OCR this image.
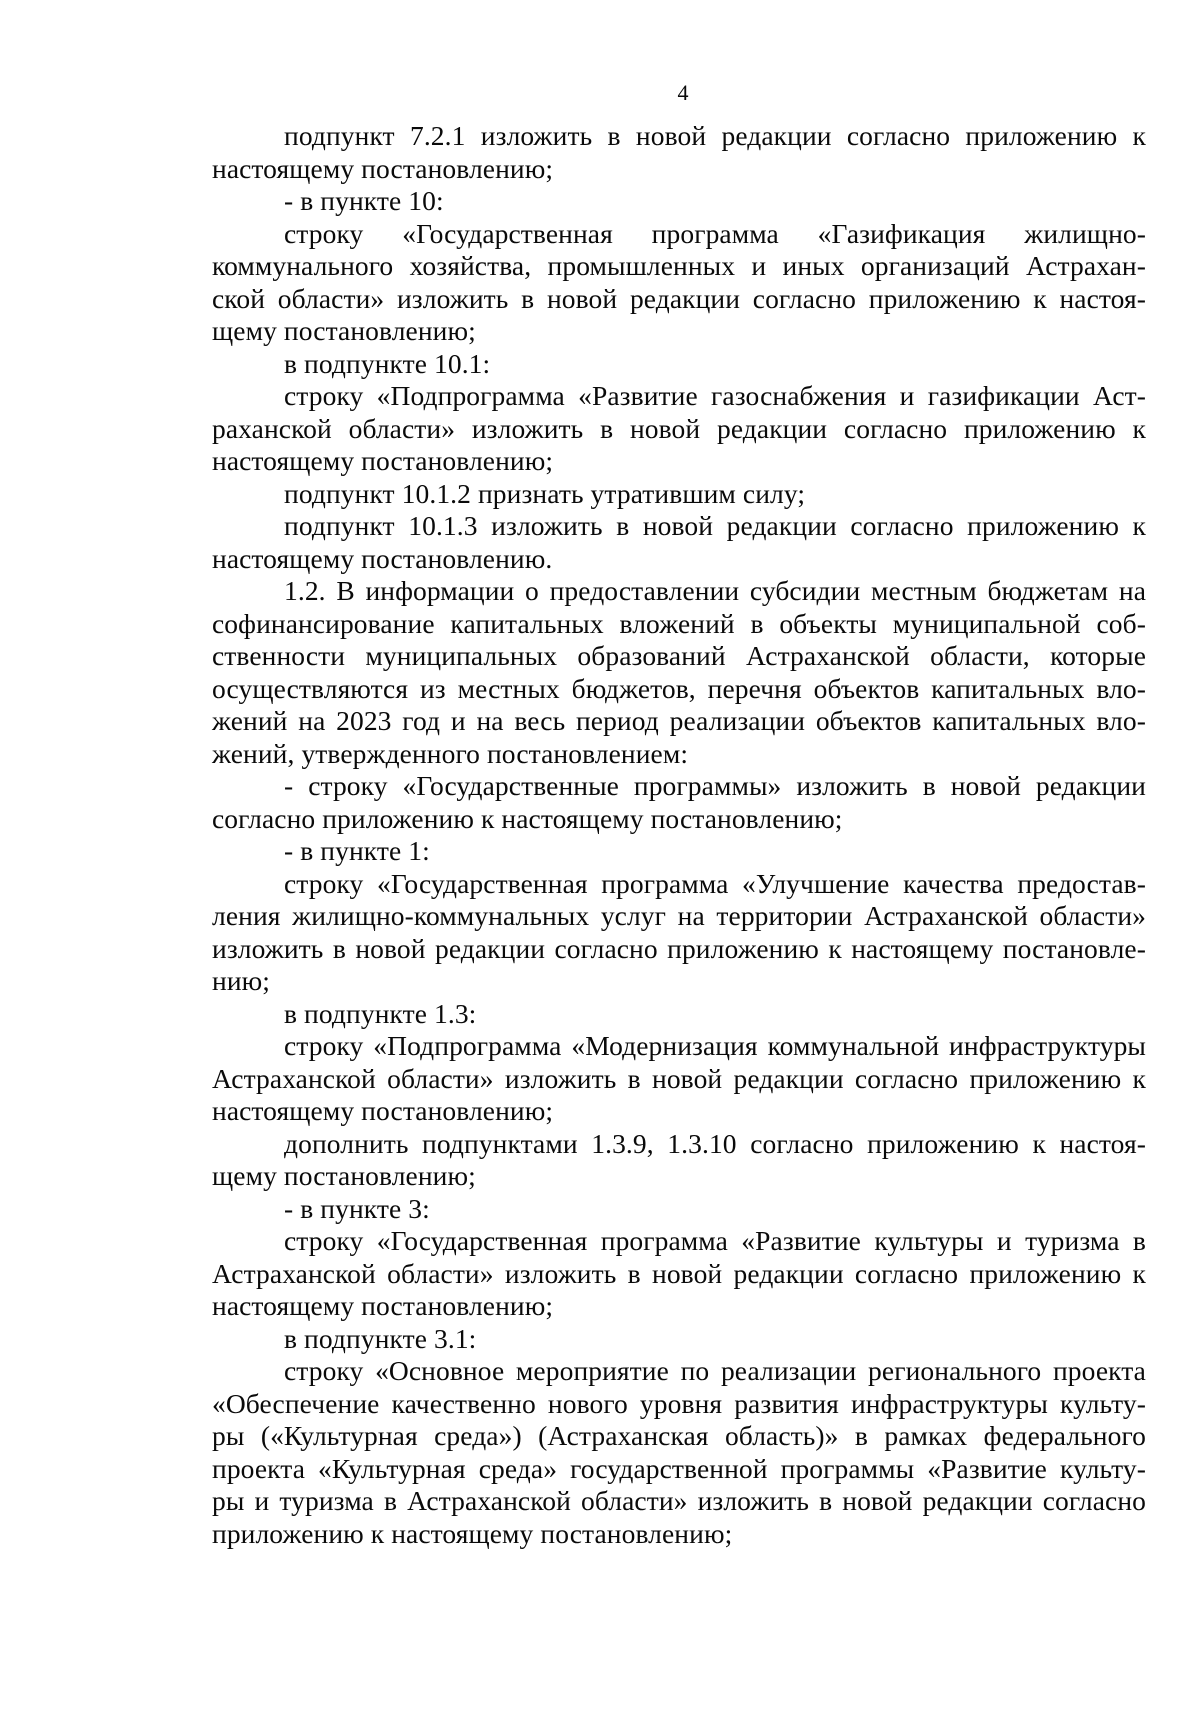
4
подпункт 7.2.1 изложить в новой редакции согласно приложению к
настоящему постановлению;
- в пункте 10:
строку «Государственная программа «Газификация жилищно-
коммунального хозяйства, промышленных и иных организаций Астрахан-
ской области» изложить в новой редакции согласно приложению к настоя-
щему постановлению;
в подпункте 10.1:
строку «Подпрограмма «Развитие газоснабжения и газификации Аст-
раханской области» изложить в новой редакции согласно приложению к
настоящему постановлению;
подпункт 10.1.2 признать утратившим силу;
подпункт 10.1.3 изложить в новой редакции согласно приложению к
настоящему постановлению.
1.2. В информации о предоставлении субсидии местным бюджетам на
софинансирование капитальных вложений в объекты муниципальной соб-
ственности муниципальных образований Астраханской области, которые
осуществляются из местных бюджетов, перечня объектов капитальных вло-
жений на 2023 год и на весь период реализации объектов капитальных вло-
жений, утвержденного постановлением:
- строку «Государственные программы» изложить в новой редакции
согласно приложению к настоящему постановлению;
- в пункте 1:
строку «Государственная программа «Улучшение качества предостав-
ления жилищно-коммунальных услуг на территории Астраханской области»
изложить в новой редакции согласно приложению к настоящему постановле-
нию;
в подпункте 1.3:
строку «Подпрограмма «Модернизация коммунальной инфраструктуры
Астраханской области» изложить в новой редакции согласно приложению к
настоящему постановлению;
дополнить подпунктами 1.3.9, 1.3.10 согласно приложению к настоя-
щему постановлению;
- в пункте 3:
строку «Государственная программа «Развитие культуры и туризма в
Астраханской области» изложить в новой редакции согласно приложению к
настоящему постановлению;
в подпункте 3.1:
строку «Основное мероприятие по реализации регионального проекта
«Обеспечение качественно нового уровня развития инфраструктуры культу-
ры («Культурная среда») (Астраханская область)» в рамках федерального
проекта «Культурная среда» государственной программы «Развитие культу-
ры и туризма в Астраханской области» изложить в новой редакции согласно
приложению к настоящему постановлению;
